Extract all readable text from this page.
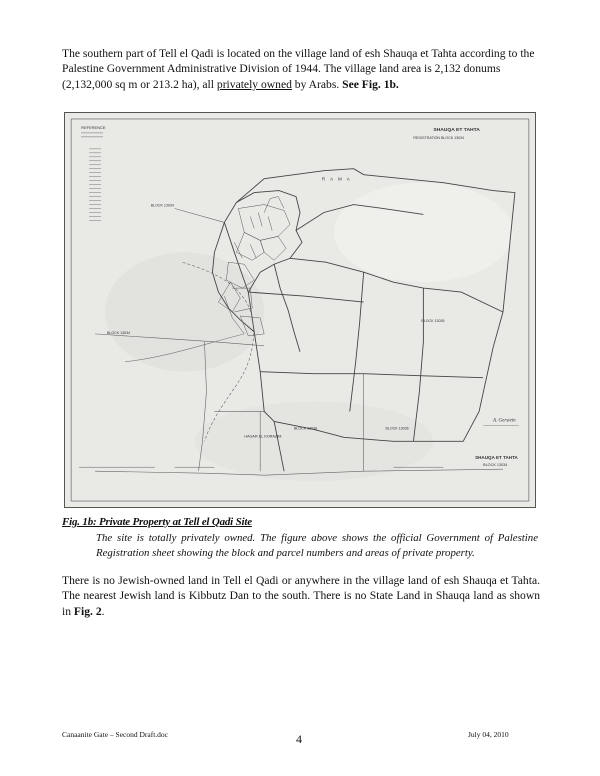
The southern part of Tell el Qadi is located on the village land of esh Shauqa et Tahta according to the Palestine Government Administrative Division of 1944. The village land area is 2,132 donums (2,132,000 sq m or 213.2 ha), all privately owned by Arabs. See Fig. 1b.
REFERENCE
SHAUQA ET TAHTA
REGISTRATION BLOCK 13034
R A M A
BLOCK 13034
BLOCK 13034
BLOCK 13035
BLOCK 13036
BLOCK 13036
HAGAR EL KORAZIM
A. Gerstein
SHAUQA ET TAHTA
BLOCK 13034
Fig. 1b: Private Property at Tell el Qadi Site
The site is totally privately owned. The figure above shows the official Government of Palestine Registration sheet showing the block and parcel numbers and areas of private property.
There is no Jewish-owned land in Tell el Qadi or anywhere in the village land of esh Shauqa et Tahta. The nearest Jewish land is Kibbutz Dan to the south. There is no State Land in Shauqa land as shown in Fig. 2.
Canaanite Gate – Second Draft.doc	4	July 04, 2010
